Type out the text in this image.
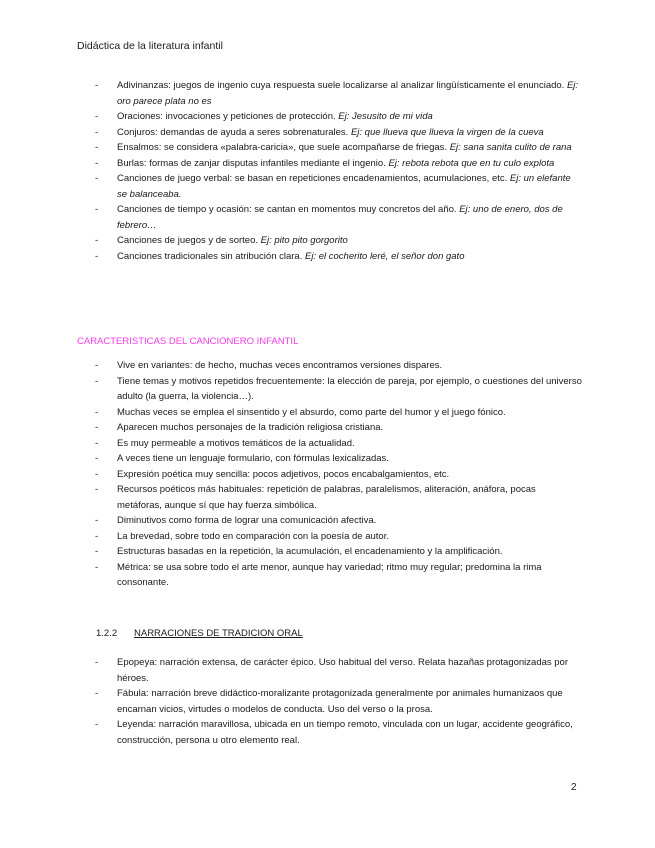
Didáctica de la literatura infantil
- Adivinanzas: juegos de ingenio cuya respuesta suele localizarse al analizar lingüísticamente el enunciado. Ej: oro parece plata no es
- Oraciones: invocaciones y peticiones de protección. Ej: Jesusito de mi vida
- Conjuros: demandas de ayuda a seres sobrenaturales. Ej: que llueva que llueva la virgen de la cueva
- Ensalmos: se considera «palabra-caricia», que suele acompañarse de friegas. Ej: sana sanita culito de rana
- Burlas: formas de zanjar disputas infantiles mediante el ingenio. Ej: rebota rebota que en tu culo explota
- Canciones de juego verbal: se basan en repeticiones encadenamientos, acumulaciones, etc. Ej: un elefante se balanceaba.
- Canciones de tiempo y ocasión: se cantan en momentos muy concretos del año. Ej: uno de enero, dos de febrero…
- Canciones de juegos y de sorteo. Ej: pito pito gorgorito
- Canciones tradicionales sin atribución clara. Ej: el cocherito leré, el señor don gato
CARACTERISTICAS DEL CANCIONERO INFANTIL
- Vive en variantes: de hecho, muchas veces encontramos versiones dispares.
- Tiene temas y motivos repetidos frecuentemente: la elección de pareja, por ejemplo, o cuestiones del universo adulto (la guerra, la violencia…).
- Muchas veces se emplea el sinsentido y el absurdo, como parte del humor y el juego fónico.
- Aparecen muchos personajes de la tradición religiosa cristiana.
- Es muy permeable a motivos temáticos de la actualidad.
- A veces tiene un lenguaje formulario, con fórmulas lexicalizadas.
- Expresión poética muy sencilla: pocos adjetivos, pocos encabalgamientos, etc.
- Recursos poéticos más habituales: repetición de palabras, paralelismos, aliteración, anáfora, pocas metáforas, aunque sí que hay fuerza simbólica.
- Diminutivos como forma de lograr una comunicación afectiva.
- La brevedad, sobre todo en comparación con la poesía de autor.
- Estructuras basadas en la repetición, la acumulación, el encadenamiento y la amplificación.
- Métrica: se usa sobre todo el arte menor, aunque hay variedad; ritmo muy regular; predomina la rima consonante.
1.2.2 NARRACIONES DE TRADICION ORAL
- Epopeya: narración extensa, de carácter épico. Uso habitual del verso. Relata hazañas protagonizadas por héroes.
- Fábula: narración breve didáctico-moralizante protagonizada generalmente por animales humanizaos que encarnan vicios, virtudes o modelos de conducta. Uso del verso o la prosa.
- Leyenda: narración maravillosa, ubicada en un tiempo remoto, vinculada con un lugar, accidente geográfico, construcción, persona u otro elemento real.
2
